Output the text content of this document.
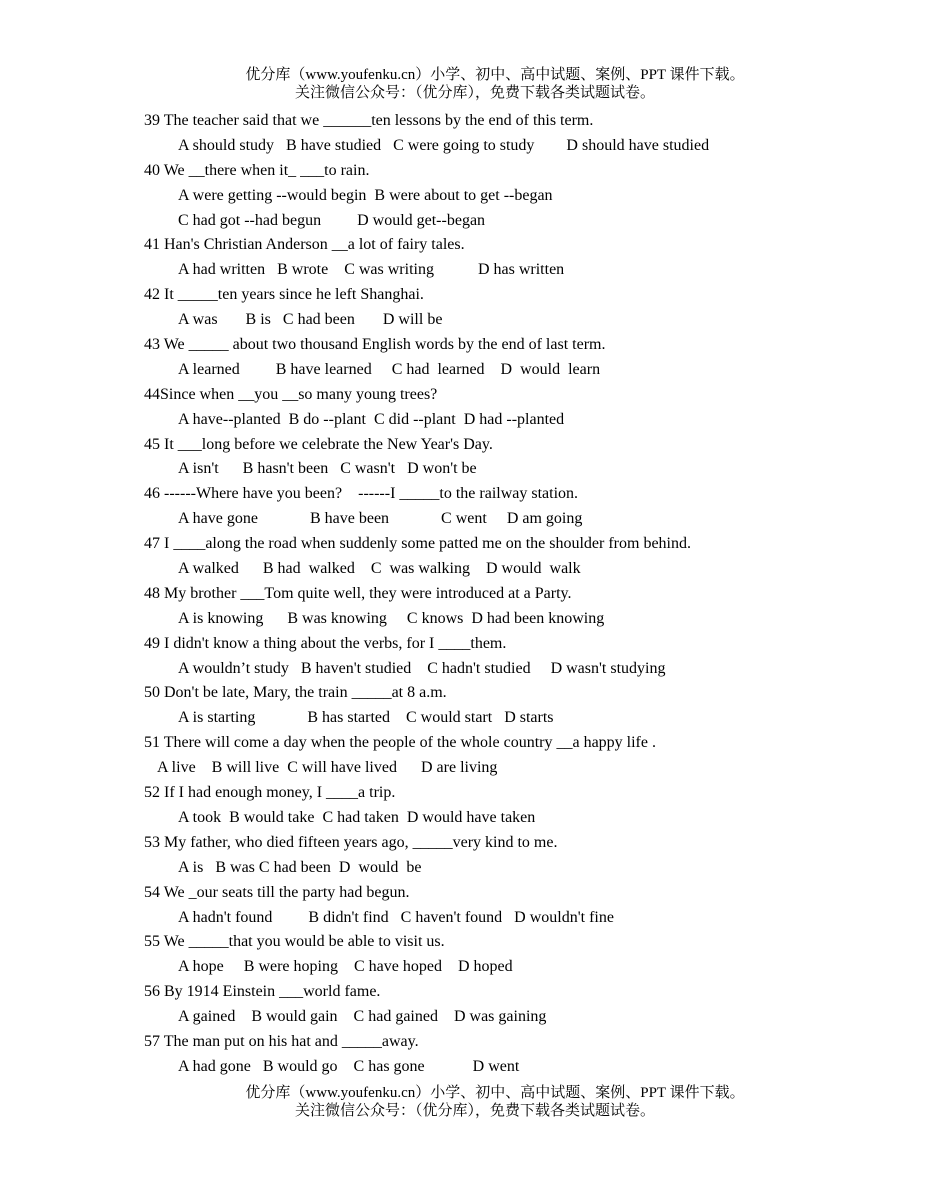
优分库（www.youfenku.cn）小学、初中、高中试题、案例、PPT 课件下载。
关注微信公众号：（优分库），免费下载各类试题试卷。
39 The teacher said that we ______ten lessons by the end of this term.
A should study   B have studied   C were going to study        D should have studied
40 We __there when it_ ___to rain.
A were getting --would begin  B were about to get --began
C had got --had begun         D would get--began
41 Han's Christian Anderson __a lot of fairy tales.
A had written   B wrote    C was writing           D has written
42 It _____ten years since he left Shanghai.
A was       B is   C had been       D will be
43 We _____ about two thousand English words by the end of last term.
A learned         B have learned     C had  learned    D  would  learn
44Since when __you __so many young trees?
A have--planted  B do --plant  C did --plant  D had --planted
45 It ___long before we celebrate the New Year's Day.
A isn't      B hasn't been   C wasn't   D won't be
46 ------Where have you been?    ------I _____to the railway station.
A have gone             B have been             C went     D am going
47 I ____along the road when suddenly some patted me on the shoulder from behind.
A walked      B had  walked    C  was walking    D would  walk
48 My brother ___Tom quite well, they were introduced at a Party.
A is knowing      B was knowing     C knows  D had been knowing
49 I didn't know a thing about the verbs, for I ____them.
A wouldn’t study   B haven't studied    C hadn't studied     D wasn't studying
50 Don't be late, Mary, the train _____at 8 a.m.
A is starting             B has started    C would start   D starts
51 There will come a day when the people of the whole country __a happy life .
A live    B will live  C will have lived      D are living
52 If I had enough money, I ____a trip.
A took  B would take  C had taken  D would have taken
53 My father, who died fifteen years ago, _____very kind to me.
A is   B was C had been  D  would  be
54 We _our seats till the party had begun.
A hadn't found         B didn't find   C haven't found   D wouldn't fine
55 We _____that you would be able to visit us.
A hope     B were hoping    C have hoped    D hoped
56 By 1914 Einstein ___world fame.
A gained    B would gain    C had gained    D was gaining
57 The man put on his hat and _____away.
A had gone   B would go    C has gone            D went
优分库（www.youfenku.cn）小学、初中、高中试题、案例、PPT 课件下载。
关注微信公众号：（优分库），免费下载各类试题试卷。
